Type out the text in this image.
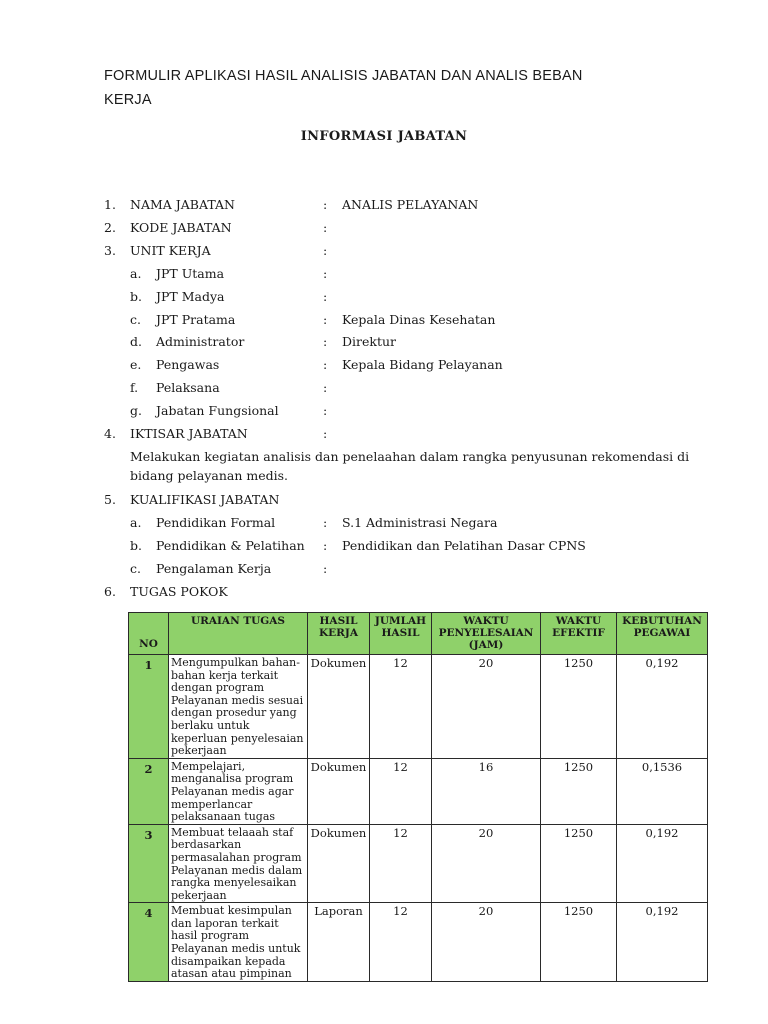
FORMULIR APLIKASI HASIL ANALISIS JABATAN DAN ANALIS BEBAN KERJA
INFORMASI JABATAN
1. NAMA JABATAN	: ANALIS PELAYANAN
2. KODE JABATAN	:
3. UNIT KERJA	:
a. JPT Utama	:
b. JPT Madya	:
c. JPT Pratama	: Kepala Dinas Kesehatan
d. Administrator	: Direktur
e. Pengawas	: Kepala Bidang Pelayanan
f. Pelaksana	:
g. Jabatan Fungsional	:
4. IKTISAR JABATAN	:
Melakukan kegiatan analisis dan penelaahan dalam rangka penyusunan rekomendasi di bidang pelayanan medis.
5. KUALIFIKASI JABATAN
a. Pendidikan Formal	: S.1 Administrasi Negara
b. Pendidikan & Pelatihan : Pendidikan dan Pelatihan Dasar CPNS
c. Pengalaman Kerja	:
6. TUGAS POKOK
NO	URAIAN TUGAS	HASIL KERJA	JUMLAH HASIL	WAKTU PENYELESAIAN (JAM)	WAKTU EFEKTIF	KEBUTUHAN PEGAWAI
1	Mengumpulkan bahan-bahan kerja terkait dengan program Pelayanan medis sesuai dengan prosedur yang berlaku untuk keperluan penyelesaian pekerjaan	Dokumen	12	20	1250	0,192
2	Mempelajari, menganalisa program Pelayanan medis agar memperlancar pelaksanaan tugas	Dokumen	12	16	1250	0,1536
3	Membuat telaaah staf berdasarkan permasalahan program Pelayanan medis dalam rangka menyelesaikan pekerjaan	Dokumen	12	20	1250	0,192
4	Membuat kesimpulan dan laporan terkait hasil program Pelayanan medis untuk disampaikan kepada atasan atau pimpinan	Laporan	12	20	1250	0,192
